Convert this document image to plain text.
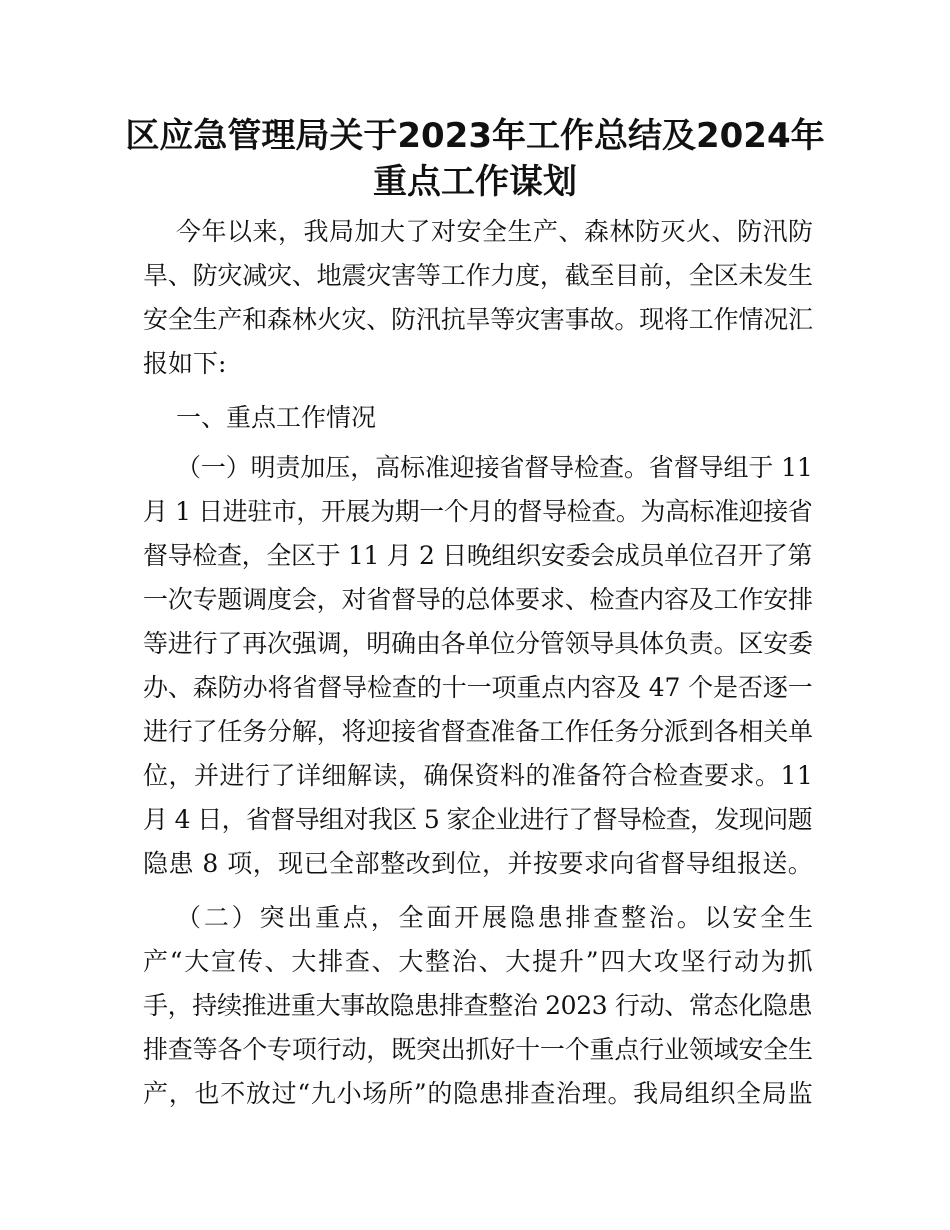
区应急管理局关于2023年工作总结及2024年
重点工作谋划
今年以来，我局加大了对安全生产、森林防灭火、防汛防
旱、防灾减灾、地震灾害等工作力度，截至目前，全区未发生
安全生产和森林火灾、防汛抗旱等灾害事故。现将工作情况汇
报如下:
一、重点工作情况
（一）明责加压，高标准迎接省督导检查。省督导组于 11
月 1 日进驻市，开展为期一个月的督导检查。为高标准迎接省
督导检查，全区于 11 月 2 日晚组织安委会成员单位召开了第
一次专题调度会，对省督导的总体要求、检查内容及工作安排
等进行了再次强调，明确由各单位分管领导具体负责。区安委
办、森防办将省督导检查的十一项重点内容及 47 个是否逐一
进行了任务分解，将迎接省督查准备工作任务分派到各相关单
位，并进行了详细解读，确保资料的准备符合检查要求。11
月 4 日，省督导组对我区 5 家企业进行了督导检查，发现问题
隐患 8 项，现已全部整改到位，并按要求向省督导组报送。
（二）突出重点，全面开展隐患排查整治。以安全生
产“大宣传、大排查、大整治、大提升”四大攻坚行动为抓
手，持续推进重大事故隐患排查整治 2023 行动、常态化隐患
排查等各个专项行动，既突出抓好十一个重点行业领域安全生
产，也不放过“九小场所”的隐患排查治理。我局组织全局监
